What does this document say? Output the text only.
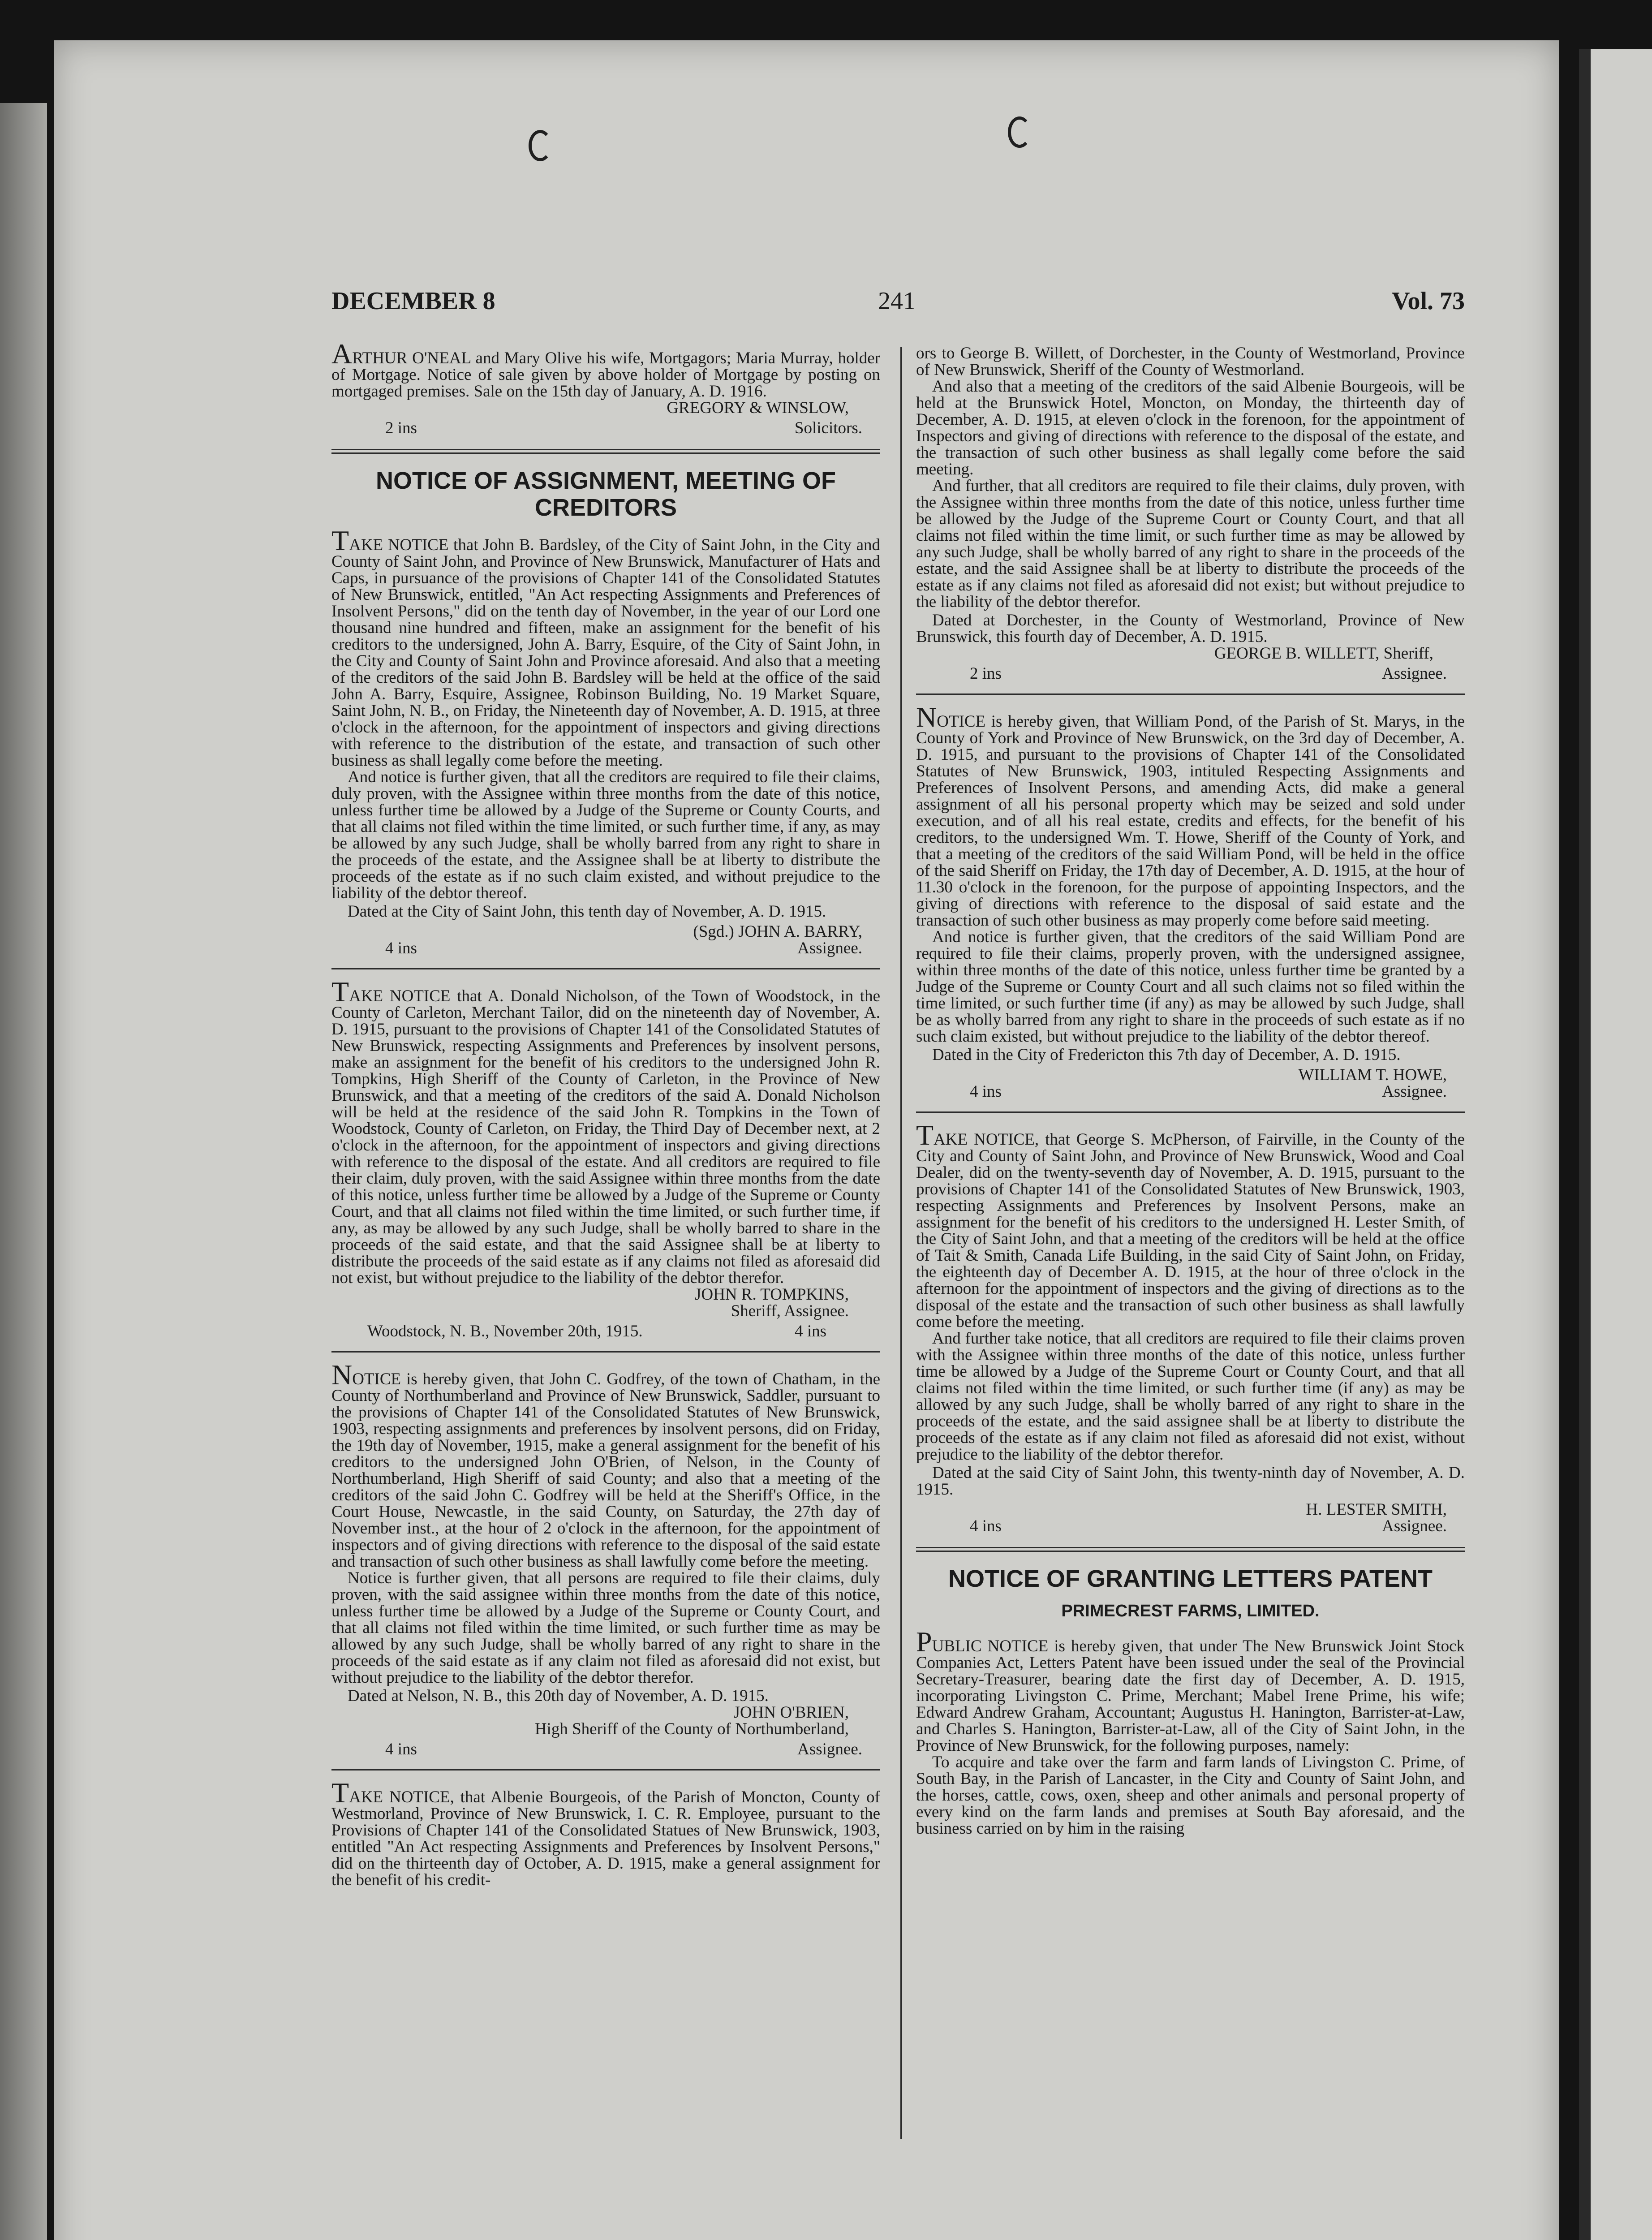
DECEMBER 8	241	Vol. 73

ARTHUR O'NEAL and Mary Olive his wife, Mortgagors; Maria Murray, holder of Mortgage. Notice of sale given by above holder of Mortgage by posting on mortgaged premises. Sale on the 15th day of January, A. D. 1916.

GREGORY & WINSLOW,
2 ins	Solicitors.
NOTICE OF ASSIGNMENT, MEETING OF CREDITORS

TAKE NOTICE that John B. Bardsley, of the City of Saint John, in the City and County of Saint John, and Province of New Brunswick, Manufacturer of Hats and Caps, in pursuance of the provisions of Chapter 141 of the Consolidated Statutes of New Brunswick, entitled, "An Act respecting Assignments and Preferences of Insolvent Persons," did on the tenth day of November, in the year of our Lord one thousand nine hundred and fifteen, make an assignment for the benefit of his creditors to the undersigned, John A. Barry, Esquire, of the City of Saint John, in the City and County of Saint John and Province aforesaid. And also that a meeting of the creditors of the said John B. Bardsley will be held at the office of the said John A. Barry, Esquire, Assignee, Robinson Building, No. 19 Market Square, Saint John, N. B., on Friday, the Nineteenth day of November, A. D. 1915, at three o'clock in the afternoon, for the appointment of inspectors and giving directions with reference to the distribution of the estate, and transaction of such other business as shall legally come before the meeting.

And notice is further given, that all the creditors are required to file their claims, duly proven, with the Assignee within three months from the date of this notice, unless further time be allowed by a Judge of the Supreme or County Courts, and that all claims not filed within the time limited, or such further time, if any, as may be allowed by any such Judge, shall be wholly barred from any right to share in the proceeds of the estate, and the Assignee shall be at liberty to distribute the proceeds of the estate as if no such claim existed, and without prejudice to the liability of the debtor thereof.

Dated at the City of Saint John, this tenth day of November, A. D. 1915.

4 ins
(Sgd.) JOHN A. BARRY,
Assignee.

TAKE NOTICE that A. Donald Nicholson, of the Town of Woodstock, in the County of Carleton, Merchant Tailor, did on the nineteenth day of November, A. D. 1915, pursuant to the provisions of Chapter 141 of the Consolidated Statutes of New Brunswick, respecting Assignments and Preferences by insolvent persons, make an assignment for the benefit of his creditors to the undersigned John R. Tompkins, High Sheriff of the County of Carleton, in the Province of New Brunswick, and that a meeting of the creditors of the said A. Donald Nicholson will be held at the residence of the said John R. Tompkins in the Town of Woodstock, County of Carleton, on Friday, the Third Day of December next, at 2 o'clock in the afternoon, for the appointment of inspectors and giving directions with reference to the disposal of the estate. And all creditors are required to file their claim, duly proven, with the said Assignee within three months from the date of this notice, unless further time be allowed by a Judge of the Supreme or County Court, and that all claims not filed within the time limited, or such further time, if any, as may be allowed by any such Judge, shall be wholly barred to share in the proceeds of the said estate, and that the said Assignee shall be at liberty to distribute the proceeds of the said estate as if any claims not filed as aforesaid did not exist, but without prejudice to the liability of the debtor therefor.

JOHN R. TOMPKINS,
Sheriff, Assignee.
Woodstock, N. B., November 20th, 1915.	4 ins

NOTICE is hereby given, that John C. Godfrey, of the town of Chatham, in the County of Northumberland and Province of New Brunswick, Saddler, pursuant to the provisions of Chapter 141 of the Consolidated Statutes of New Brunswick, 1903, respecting assignments and preferences by insolvent persons, did on Friday, the 19th day of November, 1915, make a general assignment for the benefit of his creditors to the undersigned John O'Brien, of Nelson, in the County of Northumberland, High Sheriff of said County; and also that a meeting of the creditors of the said John C. Godfrey will be held at the Sheriff's Office, in the Court House, Newcastle, in the said County, on Saturday, the 27th day of November inst., at the hour of 2 o'clock in the afternoon, for the appointment of inspectors and of giving directions with reference to the disposal of the said estate and transaction of such other business as shall lawfully come before the meeting.

Notice is further given, that all persons are required to file their claims, duly proven, with the said assignee within three months from the date of this notice, unless further time be allowed by a Judge of the Supreme or County Court, and that all claims not filed within the time limited, or such further time as may be allowed by any such Judge, shall be wholly barred of any right to share in the proceeds of the said estate as if any claim not filed as aforesaid did not exist, but without prejudice to the liability of the debtor therefor.

Dated at Nelson, N. B., this 20th day of November, A. D. 1915.

JOHN O'BRIEN,
High Sheriff of the County of Northumberland,
4 ins	Assignee.

TAKE NOTICE, that Albenie Bourgeois, of the Parish of Moncton, County of Westmorland, Province of New Brunswick, I. C. R. Employee, pursuant to the Provisions of Chapter 141 of the Consolidated Statues of New Brunswick, 1903, entitled "An Act respecting Assignments and Preferences by Insolvent Persons," did on the thirteenth day of October, A. D. 1915, make a general assignment for the benefit of his credit-

ors to George B. Willett, of Dorchester, in the County of Westmorland, Province of New Brunswick, Sheriff of the County of Westmorland.

And also that a meeting of the creditors of the said Albenie Bourgeois, will be held at the Brunswick Hotel, Moncton, on Monday, the thirteenth day of December, A. D. 1915, at eleven o'clock in the forenoon, for the appointment of Inspectors and giving of directions with reference to the disposal of the estate, and the transaction of such other business as shall legally come before the said meeting.

And further, that all creditors are required to file their claims, duly proven, with the Assignee within three months from the date of this notice, unless further time be allowed by the Judge of the Supreme Court or County Court, and that all claims not filed within the time limit, or such further time as may be allowed by any such Judge, shall be wholly barred of any right to share in the proceeds of the estate, and the said Assignee shall be at liberty to distribute the proceeds of the estate as if any claims not filed as aforesaid did not exist; but without prejudice to the liability of the debtor therefor.

Dated at Dorchester, in the County of Westmorland, Province of New Brunswick, this fourth day of December, A. D. 1915.

GEORGE B. WILLETT, Sheriff,
2 ins	Assignee.

NOTICE is hereby given, that William Pond, of the Parish of St. Marys, in the County of York and Province of New Brunswick, on the 3rd day of December, A. D. 1915, and pursuant to the provisions of Chapter 141 of the Consolidated Statutes of New Brunswick, 1903, intituled Respecting Assignments and Preferences of Insolvent Persons, and amending Acts, did make a general assignment of all his personal property which may be seized and sold under execution, and of all his real estate, credits and effects, for the benefit of his creditors, to the undersigned Wm. T. Howe, Sheriff of the County of York, and that a meeting of the creditors of the said William Pond, will be held in the office of the said Sheriff on Friday, the 17th day of December, A. D. 1915, at the hour of 11.30 o'clock in the forenoon, for the purpose of appointing Inspectors, and the giving of directions with reference to the disposal of said estate and the transaction of such other business as may properly come before said meeting.

And notice is further given, that the creditors of the said William Pond are required to file their claims, properly proven, with the undersigned assignee, within three months of the date of this notice, unless further time be granted by a Judge of the Supreme or County Court and all such claims not so filed within the time limited, or such further time (if any) as may be allowed by such Judge, shall be as wholly barred from any right to share in the proceeds of such estate as if no such claim existed, but without prejudice to the liability of the debtor thereof.

Dated in the City of Fredericton this 7th day of December, A. D. 1915.

4 ins
WILLIAM T. HOWE,
Assignee.

TAKE NOTICE, that George S. McPherson, of Fairville, in the County of the City and County of Saint John, and Province of New Brunswick, Wood and Coal Dealer, did on the twenty-seventh day of November, A. D. 1915, pursuant to the provisions of Chapter 141 of the Consolidated Statutes of New Brunswick, 1903, respecting Assignments and Preferences by Insolvent Persons, make an assignment for the benefit of his creditors to the undersigned H. Lester Smith, of the City of Saint John, and that a meeting of the creditors will be held at the office of Tait & Smith, Canada Life Building, in the said City of Saint John, on Friday, the eighteenth day of December A. D. 1915, at the hour of three o'clock in the afternoon for the appointment of inspectors and the giving of directions as to the disposal of the estate and the transaction of such other business as shall lawfully come before the meeting.

And further take notice, that all creditors are required to file their claims proven with the Assignee within three months of the date of this notice, unless further time be allowed by a Judge of the Supreme Court or County Court, and that all claims not filed within the time limited, or such further time (if any) as may be allowed by any such Judge, shall be wholly barred of any right to share in the proceeds of the estate, and the said assignee shall be at liberty to distribute the proceeds of the estate as if any claim not filed as aforesaid did not exist, without prejudice to the liability of the debtor therefor.

Dated at the said City of Saint John, this twenty-ninth day of November, A. D. 1915.

4 ins
H. LESTER SMITH,
Assignee.
NOTICE OF GRANTING LETTERS PATENT
PRIMECREST FARMS, LIMITED.

PUBLIC NOTICE is hereby given, that under The New Brunswick Joint Stock Companies Act, Letters Patent have been issued under the seal of the Provincial Secretary-Treasurer, bearing date the first day of December, A. D. 1915, incorporating Livingston C. Prime, Merchant; Mabel Irene Prime, his wife; Edward Andrew Graham, Accountant; Augustus H. Hanington, Barrister-at-Law, and Charles S. Hanington, Barrister-at-Law, all of the City of Saint John, in the Province of New Brunswick, for the following purposes, namely:

To acquire and take over the farm and farm lands of Livingston C. Prime, of South Bay, in the Parish of Lancaster, in the City and County of Saint John, and the horses, cattle, cows, oxen, sheep and other animals and personal property of every kind on the farm lands and premises at South Bay aforesaid, and the business carried on by him in the raising
